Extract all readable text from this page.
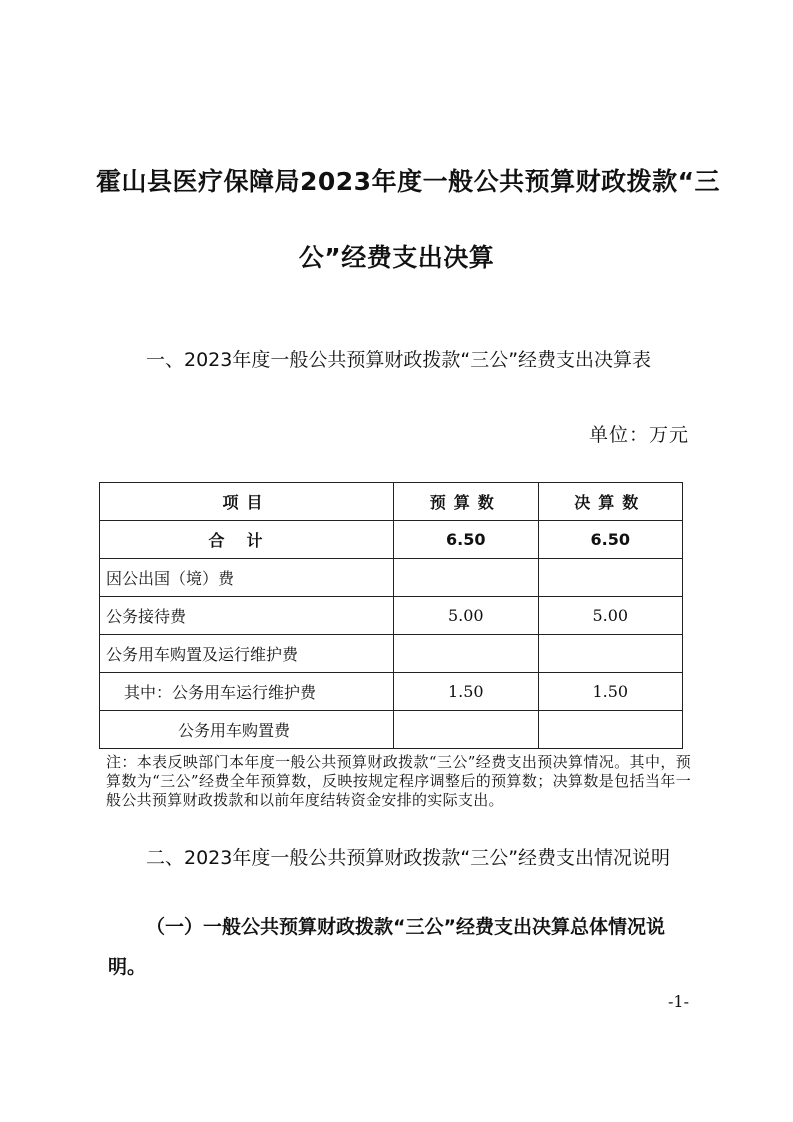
霍山县医疗保障局2023年度一般公共预算财政拨款“三
公”经费支出决算

一、2023年度一般公共预算财政拨款“三公”经费支出决算表

单位：万元
项目	预算数	决算数
合计	6.50	6.50
因公出国（境）费		
公务接待费	5.00	5.00
公务用车购置及运行维护费		
其中：公务用车运行维护费	1.50	1.50
公务用车购置费		

注：本表反映部门本年度一般公共预算财政拨款“三公”经费支出预决算情况。其中，预算数为“三公”经费全年预算数，反映按规定程序调整后的预算数；决算数是包括当年一般公共预算财政拨款和以前年度结转资金安排的实际支出。

二、2023年度一般公共预算财政拨款“三公”经费支出情况说明

（一）一般公共预算财政拨款“三公”经费支出决算总体情况说明。

-1-
